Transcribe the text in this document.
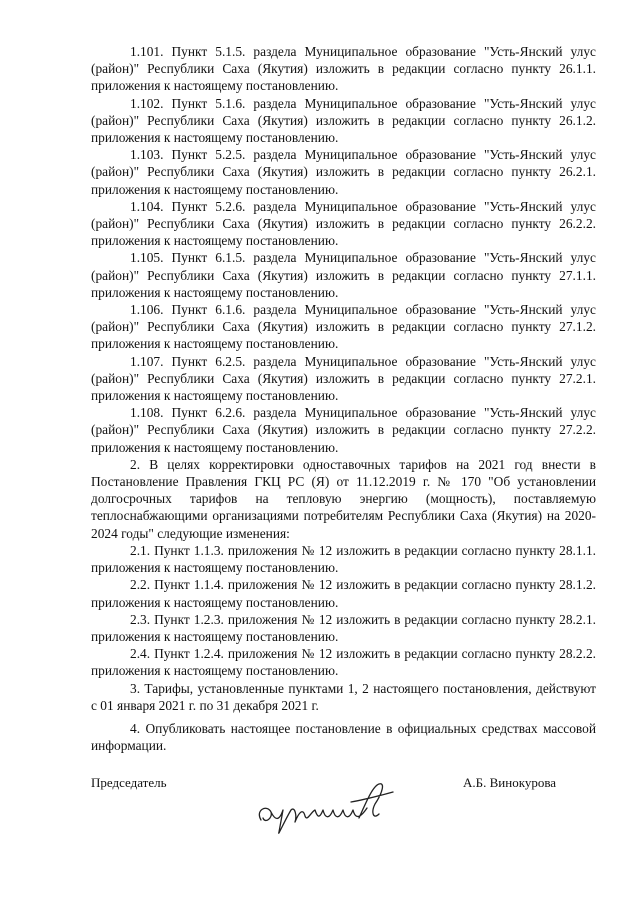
1.101. Пункт 5.1.5. раздела Муниципальное образование "Усть-Янский улус (район)" Республики Саха (Якутия) изложить в редакции согласно пункту 26.1.1. приложения к настоящему постановлению.

1.102. Пункт 5.1.6. раздела Муниципальное образование "Усть-Янский улус (район)" Республики Саха (Якутия) изложить в редакции согласно пункту 26.1.2. приложения к настоящему постановлению.

1.103. Пункт 5.2.5. раздела Муниципальное образование "Усть-Янский улус (район)" Республики Саха (Якутия) изложить в редакции согласно пункту 26.2.1. приложения к настоящему постановлению.

1.104. Пункт 5.2.6. раздела Муниципальное образование "Усть-Янский улус (район)" Республики Саха (Якутия) изложить в редакции согласно пункту 26.2.2. приложения к настоящему постановлению.

1.105. Пункт 6.1.5. раздела Муниципальное образование "Усть-Янский улус (район)" Республики Саха (Якутия) изложить в редакции согласно пункту 27.1.1. приложения к настоящему постановлению.

1.106. Пункт 6.1.6. раздела Муниципальное образование "Усть-Янский улус (район)" Республики Саха (Якутия) изложить в редакции согласно пункту 27.1.2. приложения к настоящему постановлению.

1.107. Пункт 6.2.5. раздела Муниципальное образование "Усть-Янский улус (район)" Республики Саха (Якутия) изложить в редакции согласно пункту 27.2.1. приложения к настоящему постановлению.

1.108. Пункт 6.2.6. раздела Муниципальное образование "Усть-Янский улус (район)" Республики Саха (Якутия) изложить в редакции согласно пункту 27.2.2. приложения к настоящему постановлению.

2. В целях корректировки одноставочных тарифов на 2021 год внести в Постановление Правления ГКЦ РС (Я) от 11.12.2019 г. № 170 "Об установлении долгосрочных тарифов на тепловую энергию (мощность), поставляемую теплоснабжающими организациями потребителям Республики Саха (Якутия) на 2020-2024 годы" следующие изменения:

2.1. Пункт 1.1.3. приложения № 12 изложить в редакции согласно пункту 28.1.1. приложения к настоящему постановлению.

2.2. Пункт 1.1.4. приложения № 12 изложить в редакции согласно пункту 28.1.2. приложения к настоящему постановлению.

2.3. Пункт 1.2.3. приложения № 12 изложить в редакции согласно пункту 28.2.1. приложения к настоящему постановлению.

2.4. Пункт 1.2.4. приложения № 12 изложить в редакции согласно пункту 28.2.2. приложения к настоящему постановлению.

3. Тарифы, установленные пунктами 1, 2 настоящего постановления, действуют с 01 января 2021 г. по 31 декабря 2021 г.

4. Опубликовать настоящее постановление в официальных средствах массовой информации.

Председатель	А.Б. Винокурова
